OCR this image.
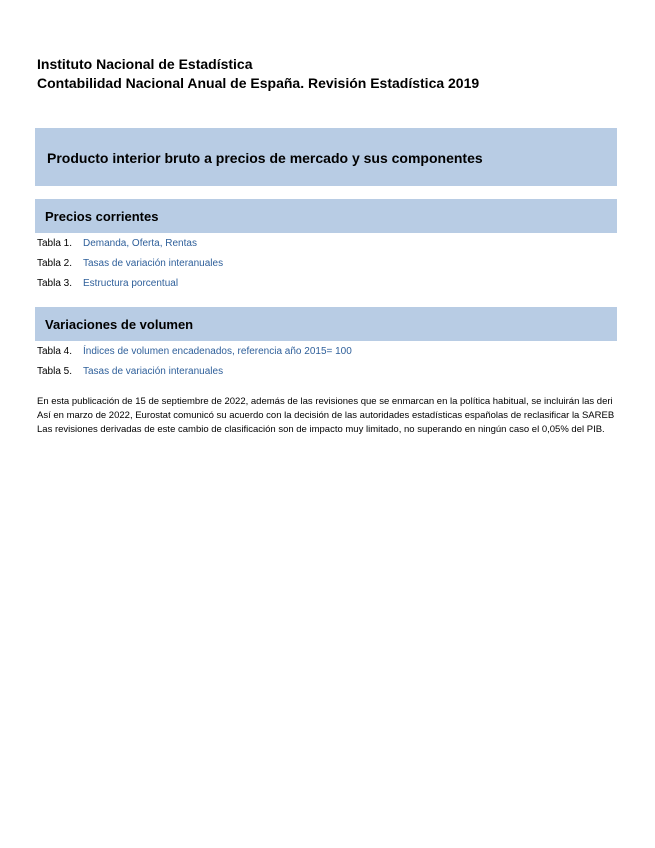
Instituto Nacional de Estadística
Contabilidad Nacional Anual de España. Revisión Estadística 2019
Producto interior bruto a precios de mercado y sus componentes
Precios corrientes
Tabla 1. Demanda, Oferta, Rentas
Tabla 2. Tasas de variación interanuales
Tabla 3. Estructura porcentual
Variaciones de volumen
Tabla 4. Índices de volumen encadenados, referencia año 2015= 100
Tabla 5. Tasas de variación interanuales
En esta publicación de 15 de septiembre de 2022, además de las revisiones que se enmarcan en la política habitual, se incluirán las deri
Así en marzo de 2022, Eurostat comunicó su acuerdo con la decisión de las autoridades estadísticas españolas de reclasificar la SAREB
Las revisiones derivadas de este cambio de clasificación son de impacto muy limitado, no superando en ningún caso el 0,05% del PIB.
